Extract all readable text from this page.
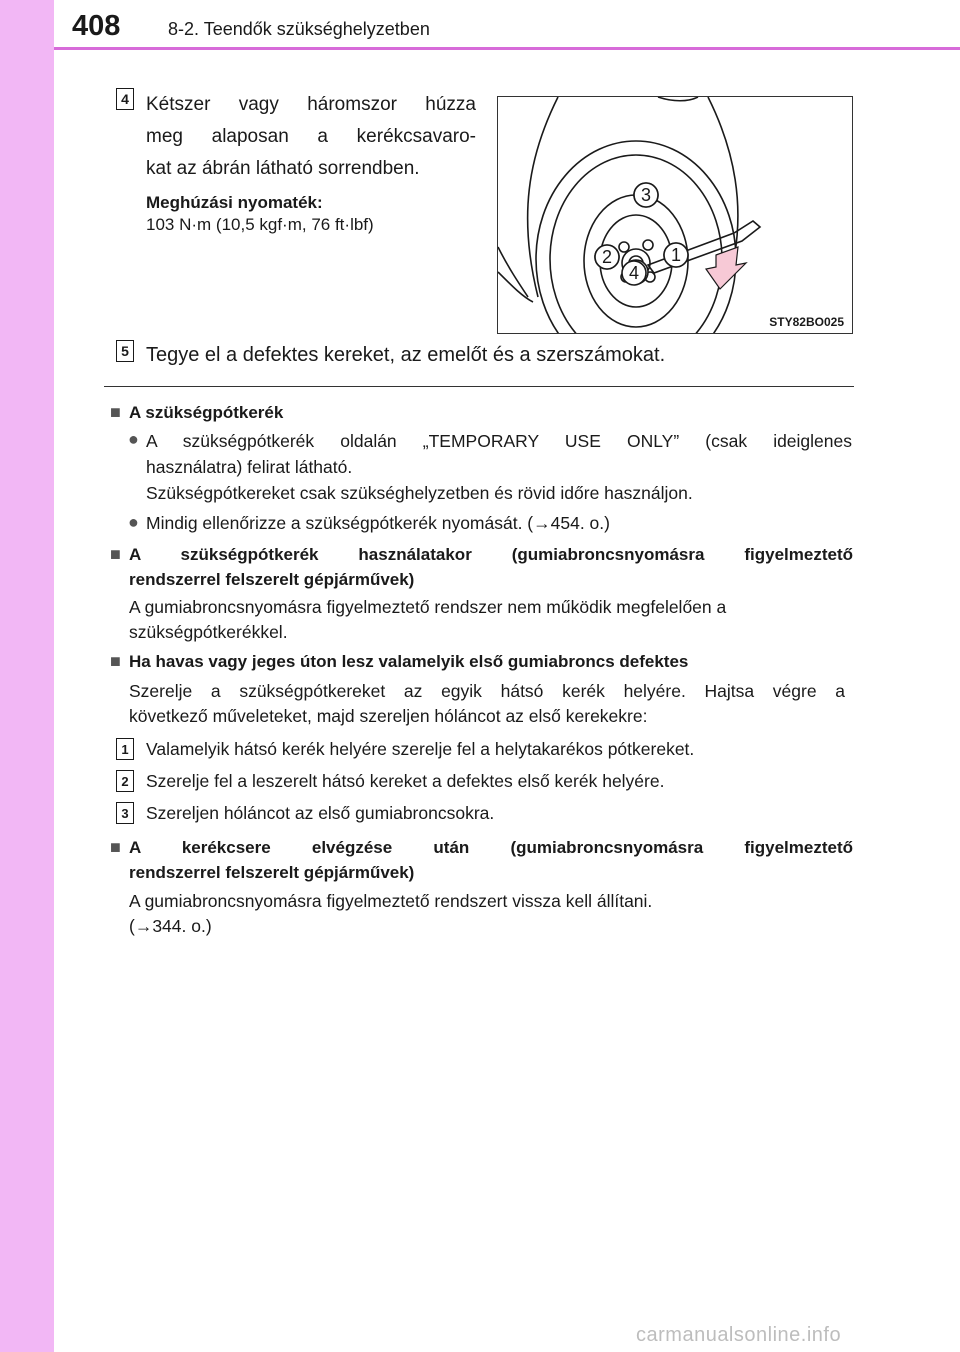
408	8-2. Teendők szükséghelyzetben
4 Kétszer vagy háromszor húzza
meg alaposan a kerékcsavaro-
kat az ábrán látható sorrendben.
Meghúzási nyomaték:
103 N·m (10,5 kgf·m, 76 ft·lbf)
3
2	1
4
STY82BO025
5 Tegye el a defektes kereket, az emelőt és a szerszámokat.
■ A szükségpótkerék
● A szükségpótkerék oldalán „TEMPORARY USE ONLY” (csak ideiglenes
használatra) felirat látható.
Szükségpótkereket csak szükséghelyzetben és rövid időre használjon.
● Mindig ellenőrizze a szükségpótkerék nyomását. (→454. o.)
■ A szükségpótkerék használatakor (gumiabroncsnyomásra figyelmeztető
rendszerrel felszerelt gépjárművek)
A gumiabroncsnyomásra figyelmeztető rendszer nem működik megfelelően a
szükségpótkerékkel.
■ Ha havas vagy jeges úton lesz valamelyik első gumiabroncs defektes
Szerelje a szükségpótkereket az egyik hátsó kerék helyére. Hajtsa végre a
következő műveleteket, majd szereljen hóláncot az első kerekekre:
1 Valamelyik hátsó kerék helyére szerelje fel a helytakarékos pótkereket.
2 Szerelje fel a leszerelt hátsó kereket a defektes első kerék helyére.
3 Szereljen hóláncot az első gumiabroncsokra.
■ A kerékcsere elvégzése után (gumiabroncsnyomásra figyelmeztető
rendszerrel felszerelt gépjárművek)
A gumiabroncsnyomásra figyelmeztető rendszert vissza kell állítani.
(→344. o.)
carmanualsonline.info
